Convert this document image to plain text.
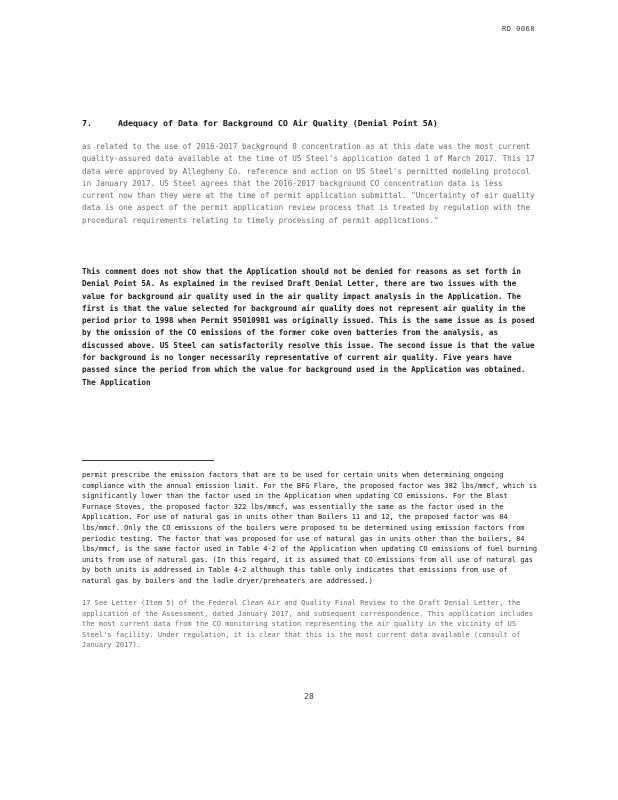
RD 0068
7.	Adequacy of Data for Background CO Air Quality (Denial Point 5A)

as related to the use of 2016-2017 background 8 concentration as at this date was the most current quality-assured data available at the time of US Steel's application dated 1 of March 2017. This 17 data were approved by Allegheny Co. reference and action on US Steel's permitted modeling protocol in January 2017. US Steel agrees that the 2016-2017 background CO concentration data is less current now than they were at the time of permit application submittal. "Uncertainty of air quality data is one aspect of the permit application review process that is treated by regulation with the procedural requirements relating to timely processing of permit applications."

This comment does not show that the Application should not be denied for reasons as set forth in Denial Point 5A. As explained in the revised Draft Denial Letter, there are two issues with the value for background air quality used in the air quality impact analysis in the Application. The first is that the value selected for background air quality does not represent air quality in the period prior to 1998 when Permit 95010981 was originally issued. This is the same issue as is posed by the omission of the CO emissions of the former coke oven batteries from the analysis, as discussed above. US Steel can satisfactorily resolve this issue. The second issue is that the value for background is no longer necessarily representative of current air quality. Five years have passed since the period from which the value for background used in the Application was obtained. The Application

permit prescribe the emission factors that are to be used for certain units when determining ongoing compliance with the annual emission limit. For the BFG Flare, the proposed factor was 382 lbs/mmcf, which is significantly lower than the factor used in the Application when updating CO emissions. For the Blast Furnace Stoves, the proposed factor 322 lbs/mmcf, was essentially the same as the factor used in the Application. For use of natural gas in units other than Boilers 11 and 12, the proposed factor was 84 lbs/mmcf. Only the CO emissions of the boilers were proposed to be determined using emission factors from periodic testing. The factor that was proposed for use of natural gas in units other than the boilers, 84 lbs/mmcf, is the same factor used in Table 4-2 of the Application when updating CO emissions of fuel burning units from use of natural gas. (In this regard, it is assumed that CO emissions from all use of natural gas by both units is addressed in Table 4-2 although this table only indicates that emissions from use of natural gas by boilers and the ladle dryer/preheaters are addressed.)

17 See Letter (Item 5) of the Federal Clean Air and Quality Final Review to the Draft Denial Letter, the application of the Assessment, dated January 2017, and subsequent correspondence. This application includes the most current data from the CO monitoring station representing the air quality in the vicinity of US Steel's facility. Under regulation, it is clear that this is the most current data available (consult of January 2017).

28
